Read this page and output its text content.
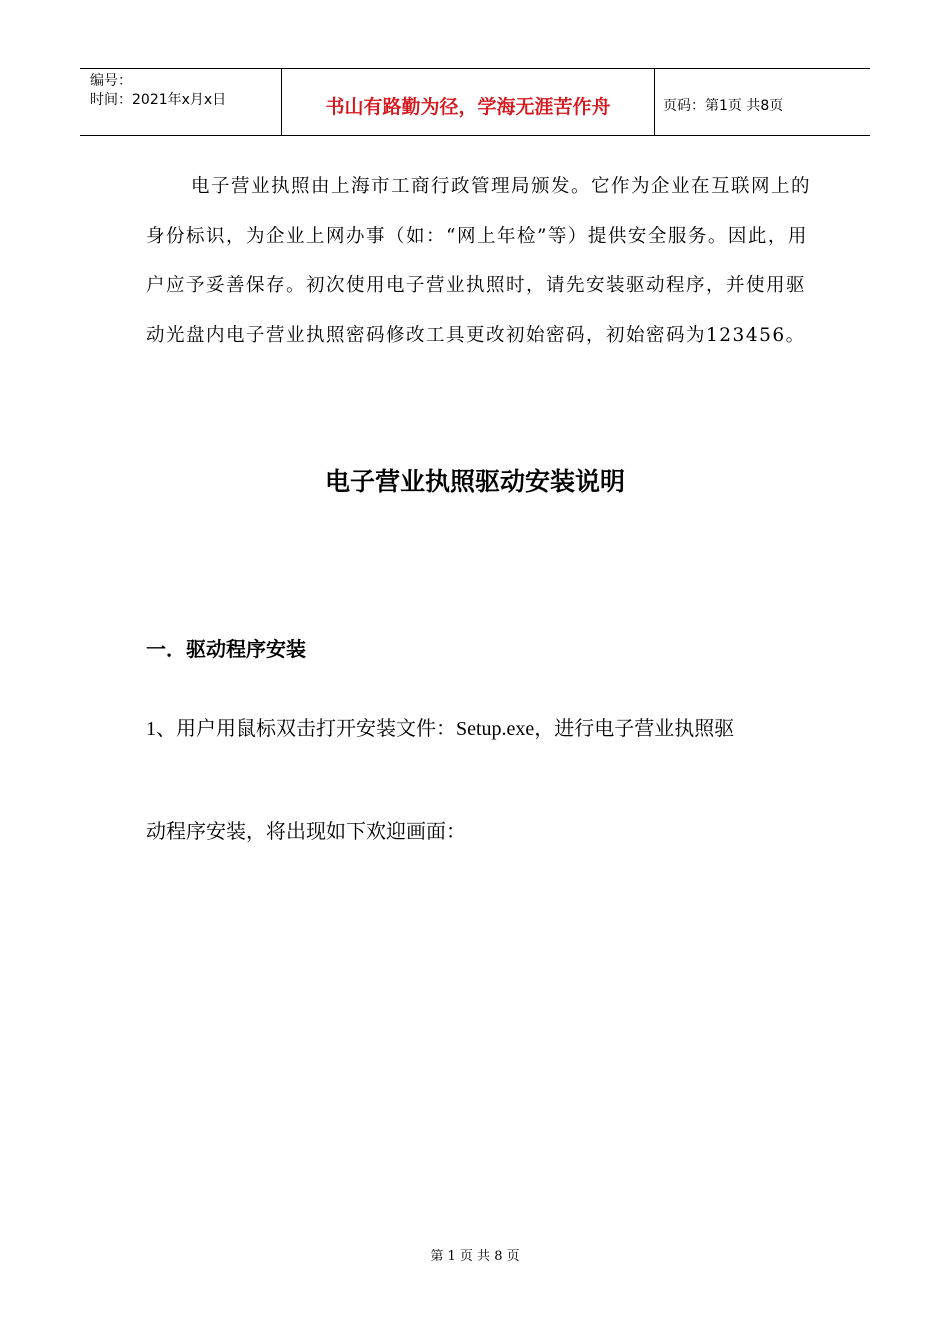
编号：
时间：2021年x月x日	书山有路勤为径，学海无涯苦作舟	页码：第1页 共8页

电子营业执照由上海市工商行政管理局颁发。它作为企业在互联网上的身份标识，为企业上网办事（如：“网上年检”等）提供安全服务。因此，用户应予妥善保存。初次使用电子营业执照时，请先安装驱动程序，并使用驱动光盘内电子营业执照密码修改工具更改初始密码，初始密码为123456。

电子营业执照驱动安装说明
一．驱动程序安装

1、用户用鼠标双击打开安装文件：Setup.exe，进行电子营业执照驱

动程序安装，将出现如下欢迎画面：

第 1 页 共 8 页
